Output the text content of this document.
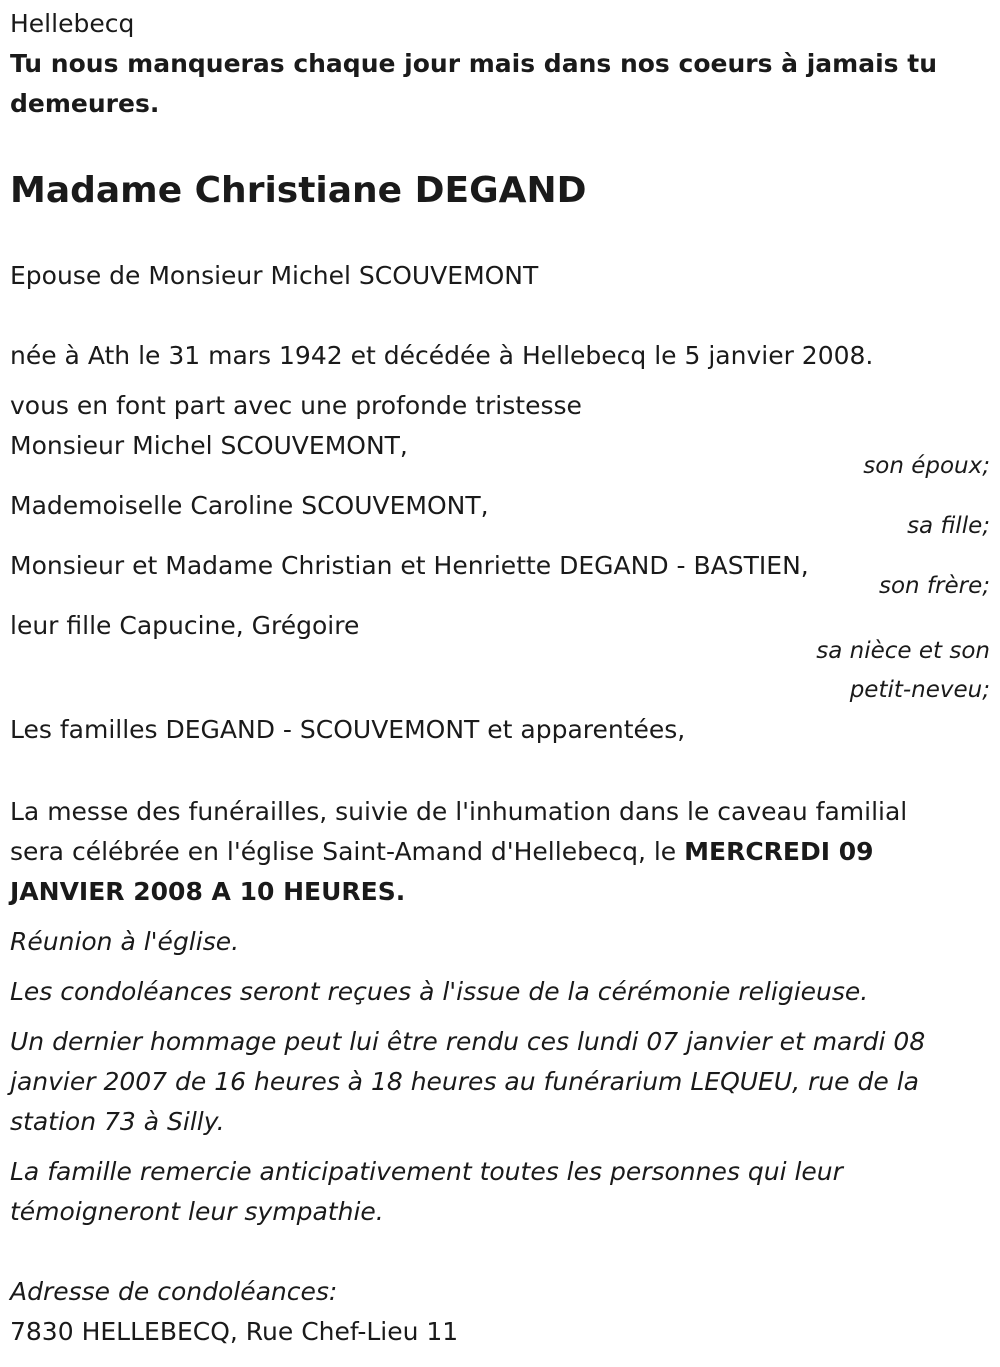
Hellebecq
Tu nous manqueras chaque jour mais dans nos coeurs à jamais tu demeures.
Madame Christiane DEGAND
Epouse de Monsieur Michel SCOUVEMONT
née à Ath le 31 mars 1942 et décédée à Hellebecq le 5 janvier 2008.
vous en font part avec une profonde tristesse
Monsieur Michel SCOUVEMONT,
son époux;
Mademoiselle Caroline SCOUVEMONT,
sa fille;
Monsieur et Madame Christian et Henriette DEGAND - BASTIEN,
son frère;
leur fille Capucine, Grégoire
sa nièce et son
petit-neveu;
Les familles DEGAND - SCOUVEMONT et apparentées,
La messe des funérailles, suivie de l'inhumation dans le caveau familial
sera célébrée en l'église Saint-Amand d'Hellebecq, le MERCREDI 09
JANVIER 2008 A 10 HEURES.
Réunion à l'église.
Les condoléances seront reçues à l'issue de la cérémonie religieuse.
Un dernier hommage peut lui être rendu ces lundi 07 janvier et mardi 08
janvier 2007 de 16 heures à 18 heures au funérarium LEQUEU, rue de la
station 73 à Silly.
La famille remercie anticipativement toutes les personnes qui leur
témoigneront leur sympathie.
Adresse de condoléances:
7830 HELLEBECQ, Rue Chef-Lieu 11
